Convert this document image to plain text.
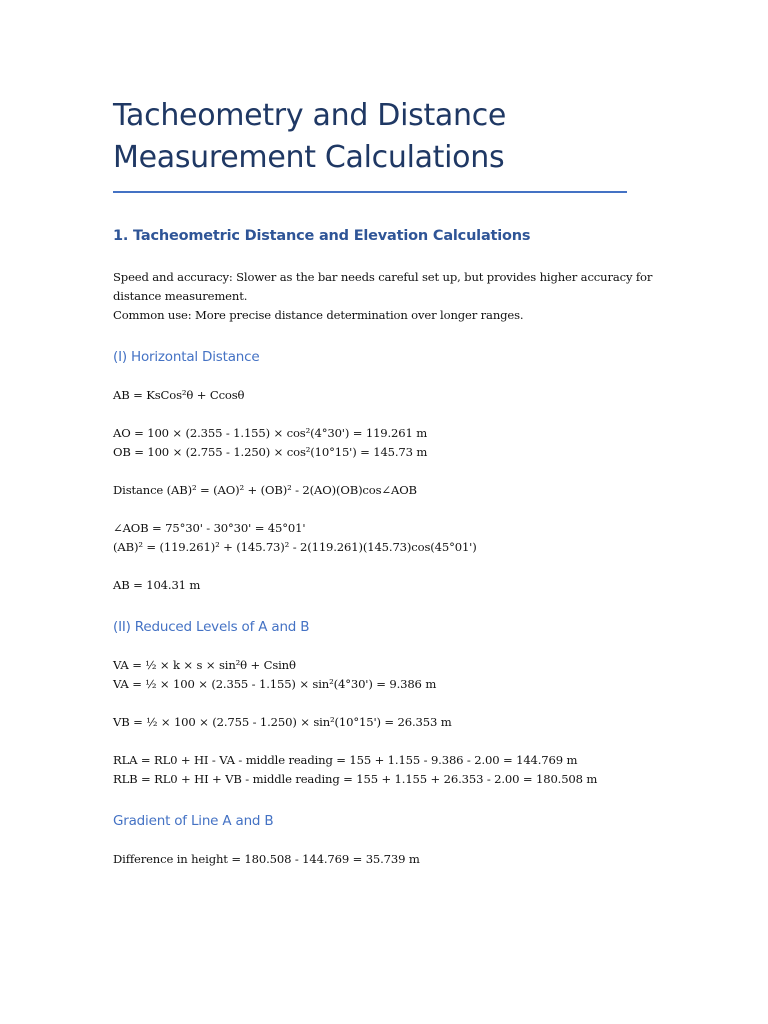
Tacheometry and Distance
Measurement Calculations
1. Tacheometric Distance and Elevation Calculations

Speed and accuracy: Slower as the bar needs careful set up, but provides higher accuracy for

distance measurement.

Common use: More precise distance determination over longer ranges.

(I) Horizontal Distance

AB = KsCos²θ + Ccosθ

AO = 100 × (2.355 - 1.155) × cos²(4°30') = 119.261 m

OB = 100 × (2.755 - 1.250) × cos²(10°15') = 145.73 m

Distance (AB)² = (AO)² + (OB)² - 2(AO)(OB)cos∠AOB

∠AOB = 75°30' - 30°30' = 45°01'

(AB)² = (119.261)² + (145.73)² - 2(119.261)(145.73)cos(45°01')

AB = 104.31 m

(II) Reduced Levels of A and B

VA = ½ × k × s × sin²θ + Csinθ

VA = ½ × 100 × (2.355 - 1.155) × sin²(4°30') = 9.386 m

VB = ½ × 100 × (2.755 - 1.250) × sin²(10°15') = 26.353 m

RLA = RL0 + HI - VA - middle reading = 155 + 1.155 - 9.386 - 2.00 = 144.769 m

RLB = RL0 + HI + VB - middle reading = 155 + 1.155 + 26.353 - 2.00 = 180.508 m

Gradient of Line A and B

Difference in height = 180.508 - 144.769 = 35.739 m
